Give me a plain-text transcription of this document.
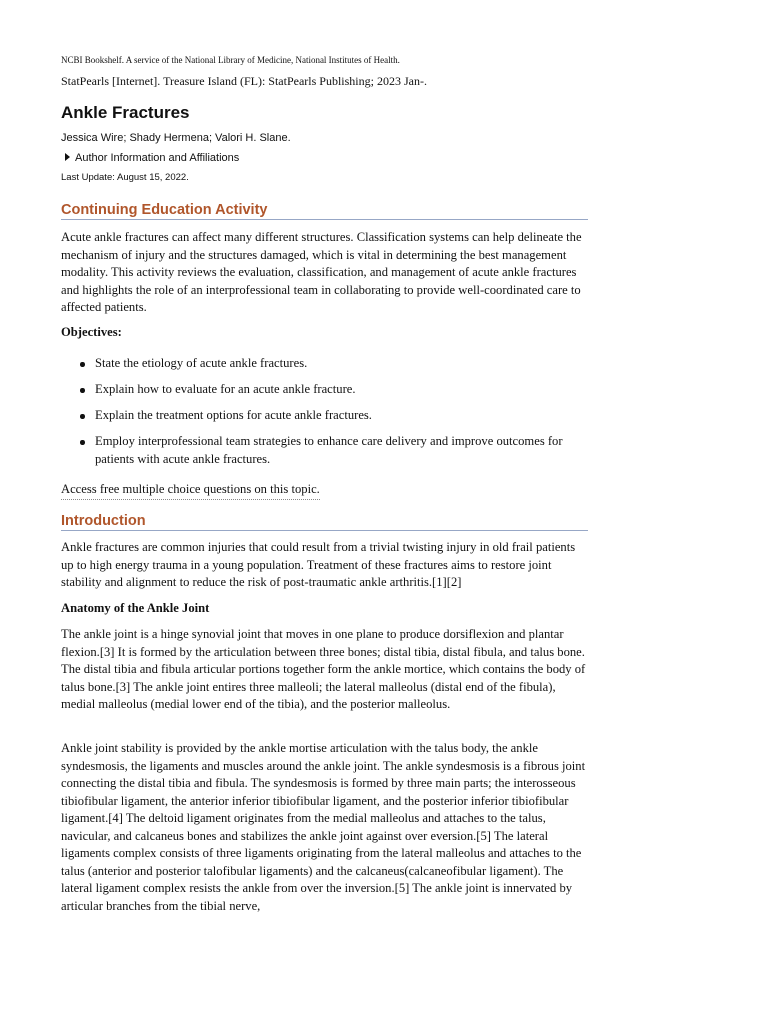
NCBI Bookshelf. A service of the National Library of Medicine, National Institutes of Health.
StatPearls [Internet]. Treasure Island (FL): StatPearls Publishing; 2023 Jan-.
Ankle Fractures
Jessica Wire; Shady Hermena; Valori H. Slane.
Author Information and Affiliations
Last Update: August 15, 2022.
Continuing Education Activity

Acute ankle fractures can affect many different structures. Classification systems can help delineate the mechanism of injury and the structures damaged, which is vital in determining the best management modality. This activity reviews the evaluation, classification, and management of acute ankle fractures and highlights the role of an interprofessional team in collaborating to provide well-coordinated care to affected patients.

Objectives:

State the etiology of acute ankle fractures.
Explain how to evaluate for an acute ankle fracture.
Explain the treatment options for acute ankle fractures.
Employ interprofessional team strategies to enhance care delivery and improve outcomes for patients with acute ankle fractures.
Access free multiple choice questions on this topic.
Introduction

Ankle fractures are common injuries that could result from a trivial twisting injury in old frail patients up to high energy trauma in a young population. Treatment of these fractures aims to restore joint stability and alignment to reduce the risk of post-traumatic ankle arthritis.[1][2]

Anatomy of the Ankle Joint

The ankle joint is a hinge synovial joint that moves in one plane to produce dorsiflexion and plantar flexion.[3] It is formed by the articulation between three bones; distal tibia, distal fibula, and talus bone. The distal tibia and fibula articular portions together form the ankle mortice, which contains the body of talus bone.[3] The ankle joint entires three malleoli; the lateral malleolus (distal end of the fibula), medial malleolus (medial lower end of the tibia), and the posterior malleolus.

Ankle joint stability is provided by the ankle mortise articulation with the talus body, the ankle syndesmosis, the ligaments and muscles around the ankle joint. The ankle syndesmosis is a fibrous joint connecting the distal tibia and fibula. The syndesmosis is formed by three main parts; the interosseous tibiofibular ligament, the anterior inferior tibiofibular ligament, and the posterior inferior tibiofibular ligament.[4] The deltoid ligament originates from the medial malleolus and attaches to the talus, navicular, and calcaneus bones and stabilizes the ankle joint against over eversion.[5] The lateral ligaments complex consists of three ligaments originating from the lateral malleolus and attaches to the talus (anterior and posterior talofibular ligaments) and the calcaneus(calcaneofibular ligament). The lateral ligament complex resists the ankle from over the inversion.[5] The ankle joint is innervated by articular branches from the tibial nerve,
